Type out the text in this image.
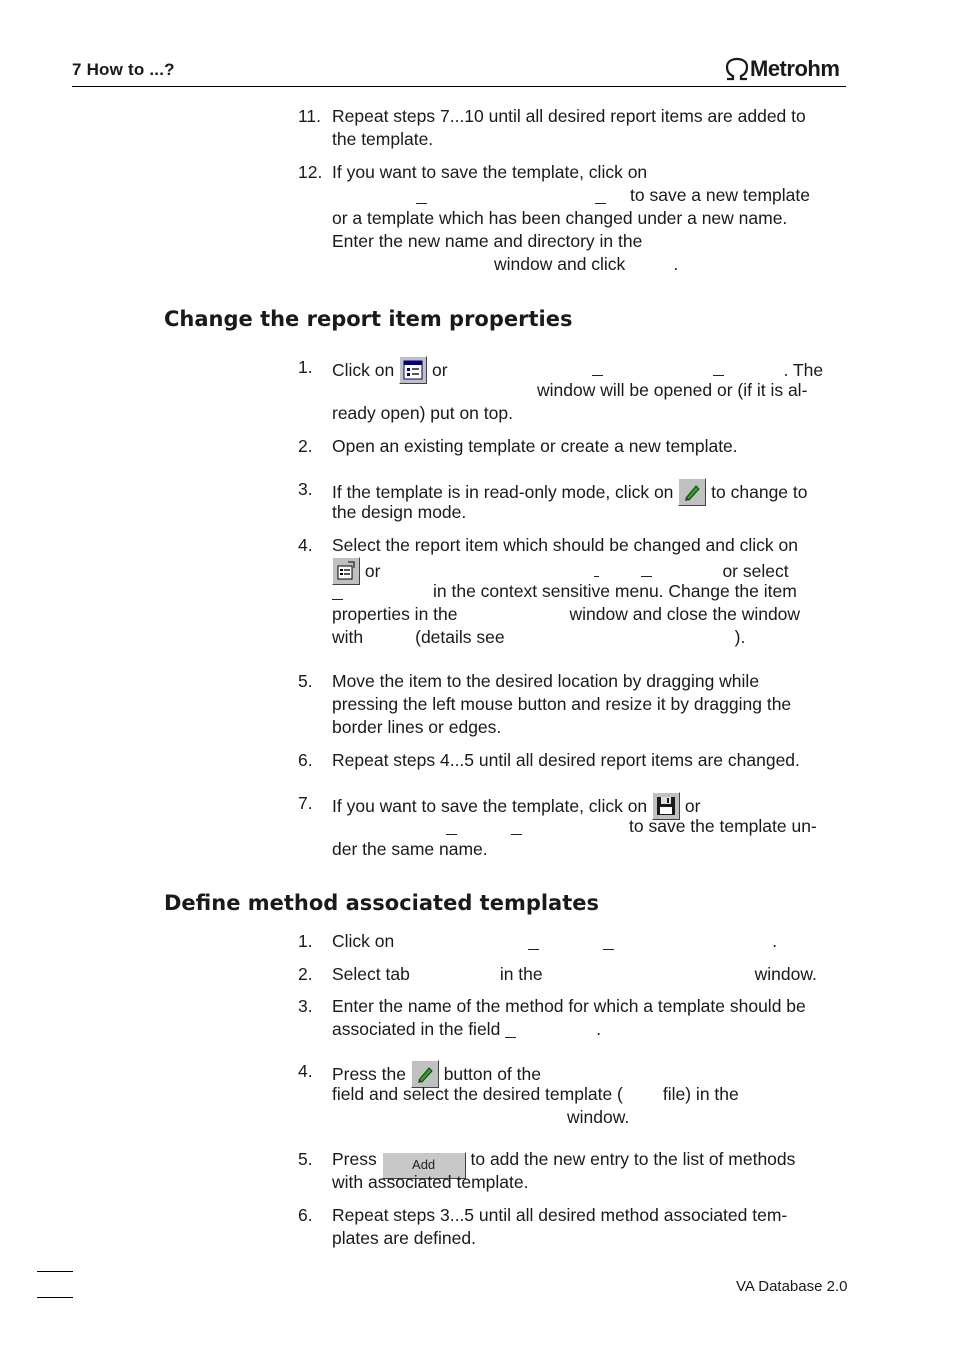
7 How to ...?	Metrohm
11. Repeat steps 7...10 until all desired report items are added to
the template.
12. If you want to save the template, click on
to save a new template
or a template which has been changed under a new name.
Enter the new name and directory in the
window and click	.
Change the report item properties
1. Click on or	. The
window will be opened or (if it is al-
ready open) put on top.
2. Open an existing template or create a new template.
3. If the template is in read-only mode, click on to change to
the design mode.
4. Select the report item which should be changed and click on
or	or select
in the context sensitive menu. Change the item
properties in the	window and close the window
with	(details see	).
5. Move the item to the desired location by dragging while
pressing the left mouse button and resize it by dragging the
border lines or edges.
6. Repeat steps 4...5 until all desired report items are changed.
7. If you want to save the template, click on or
to save the template un-
der the same name.
Define method associated templates
1. Click on	.
2. Select tab	in the	window.
3. Enter the name of the method for which a template should be
associated in the field	.
4. Press the button of the
field and select the desired template ( file) in the
window.
5. Press	Add to add the new entry to the list of methods
with associated template.
6. Repeat steps 3...5 until all desired method associated tem-
plates are defined.
VA Database 2.0
